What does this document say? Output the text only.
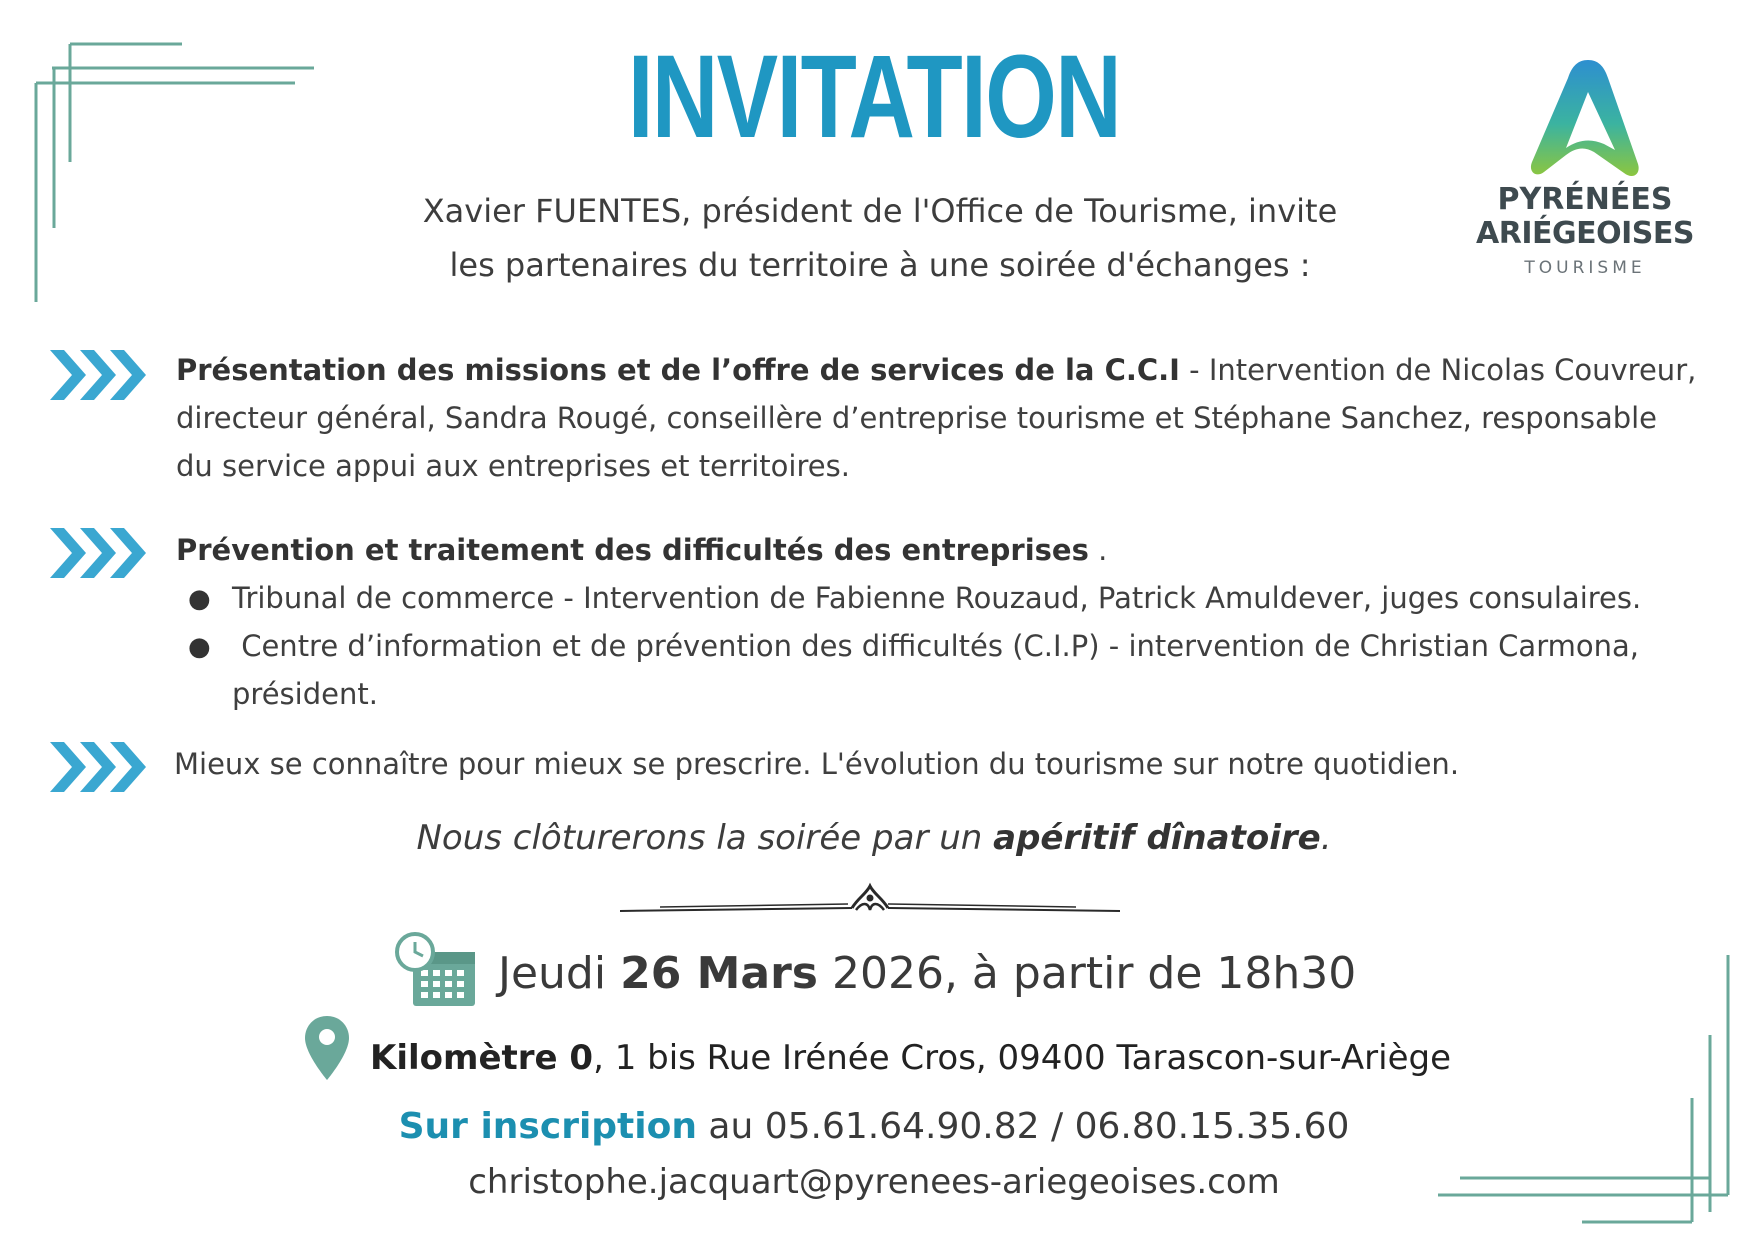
INVITATION
Xavier FUENTES, président de l'Office de Tourisme, invite
les partenaires du territoire à une soirée d'échanges :
PYRÉNÉES
ARIÉGEOISES
TOURISME
Présentation des missions et de l’offre de services de la C.C.I - Intervention de Nicolas Couvreur,
directeur général, Sandra Rougé, conseillère d’entreprise tourisme et Stéphane Sanchez, responsable
du service appui aux entreprises et territoires.
Prévention et traitement des difficultés des entreprises .
● Tribunal de commerce - Intervention de Fabienne Rouzaud, Patrick Amuldever, juges consulaires.
● Centre d’information et de prévention des difficultés (C.I.P) - intervention de Christian Carmona,
président.
Mieux se connaître pour mieux se prescrire. L'évolution du tourisme sur notre quotidien.
Nous clôturerons la soirée par un apéritif dînatoire.
Jeudi 26 Mars 2026, à partir de 18h30
Kilomètre 0, 1 bis Rue Irénée Cros, 09400 Tarascon-sur-Ariège
Sur inscription au 05.61.64.90.82 / 06.80.15.35.60
christophe.jacquart@pyrenees-ariegeoises.com
